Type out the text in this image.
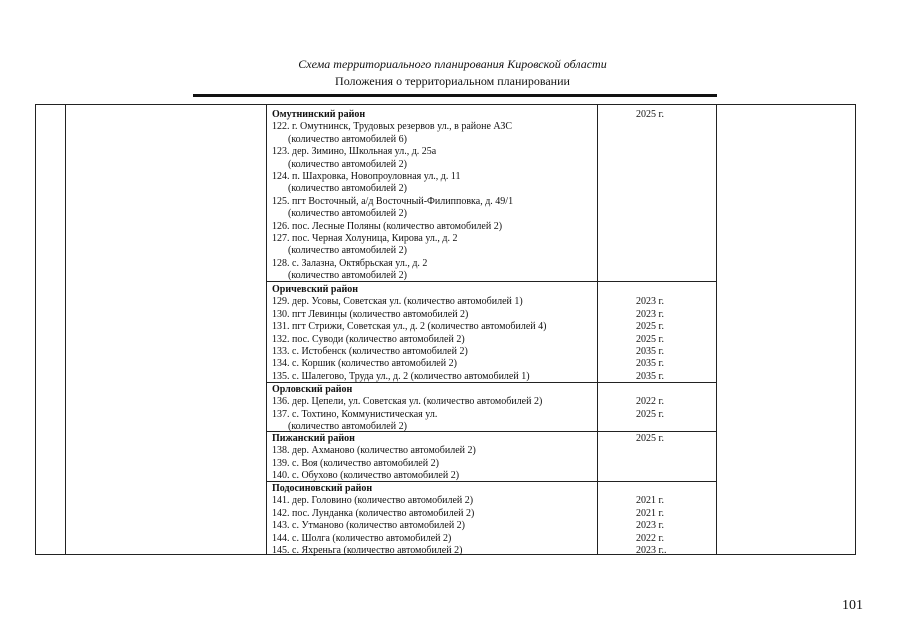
Схема территориального планирования Кировской области
Положения о территориальном планировании
Омутнинский район	2025 г.
122. г. Омутнинск, Трудовых резервов ул., в районе АЗС
(количество автомобилей 6)
123. дер. Зимино, Школьная ул., д. 25а
(количество автомобилей 2)
124. п. Шахровка, Новопроуловная ул., д. 11
(количество автомобилей 2)
125. пгт Восточный, а/д Восточный-Филипповка, д. 49/1
(количество автомобилей 2)
126. пос. Лесные Поляны (количество автомобилей 2)
127. пос. Черная Холуница, Кирова ул., д. 2
(количество автомобилей 2)
128. с. Залазна, Октябрьская ул., д. 2
(количество автомобилей 2)
Оричевский район
129. дер. Усовы, Советская ул. (количество автомобилей 1)	2023 г.
130. пгт Левинцы (количество автомобилей 2)	2023 г.
131. пгт Стрижи, Советская ул., д. 2 (количество автомобилей 4)	2025 г.
132. пос. Суводи (количество автомобилей 2)	2025 г.
133. с. Истобенск (количество автомобилей 2)	2035 г.
134. с. Коршик (количество автомобилей 2)	2035 г.
135. с. Шалегово, Труда ул., д. 2 (количество автомобилей 1)	2035 г.
Орловский район
136. дер. Цепели, ул. Советская ул. (количество автомобилей 2)	2022 г.
137. с. Тохтино, Коммунистическая ул.	2025 г.
(количество автомобилей 2)
Пижанский район	2025 г.
138. дер. Ахманово (количество автомобилей 2)
139. с. Воя (количество автомобилей 2)
140. с. Обухово (количество автомобилей 2)
Подосиновский район
141. дер. Головино (количество автомобилей 2)	2021 г.
142. пос. Лунданка (количество автомобилей 2)	2021 г.
143. с. Утманово (количество автомобилей 2)	2023 г.
144. с. Шолга (количество автомобилей 2)	2022 г.
145. с. Яхреньга (количество автомобилей 2)	2023 г..
101
